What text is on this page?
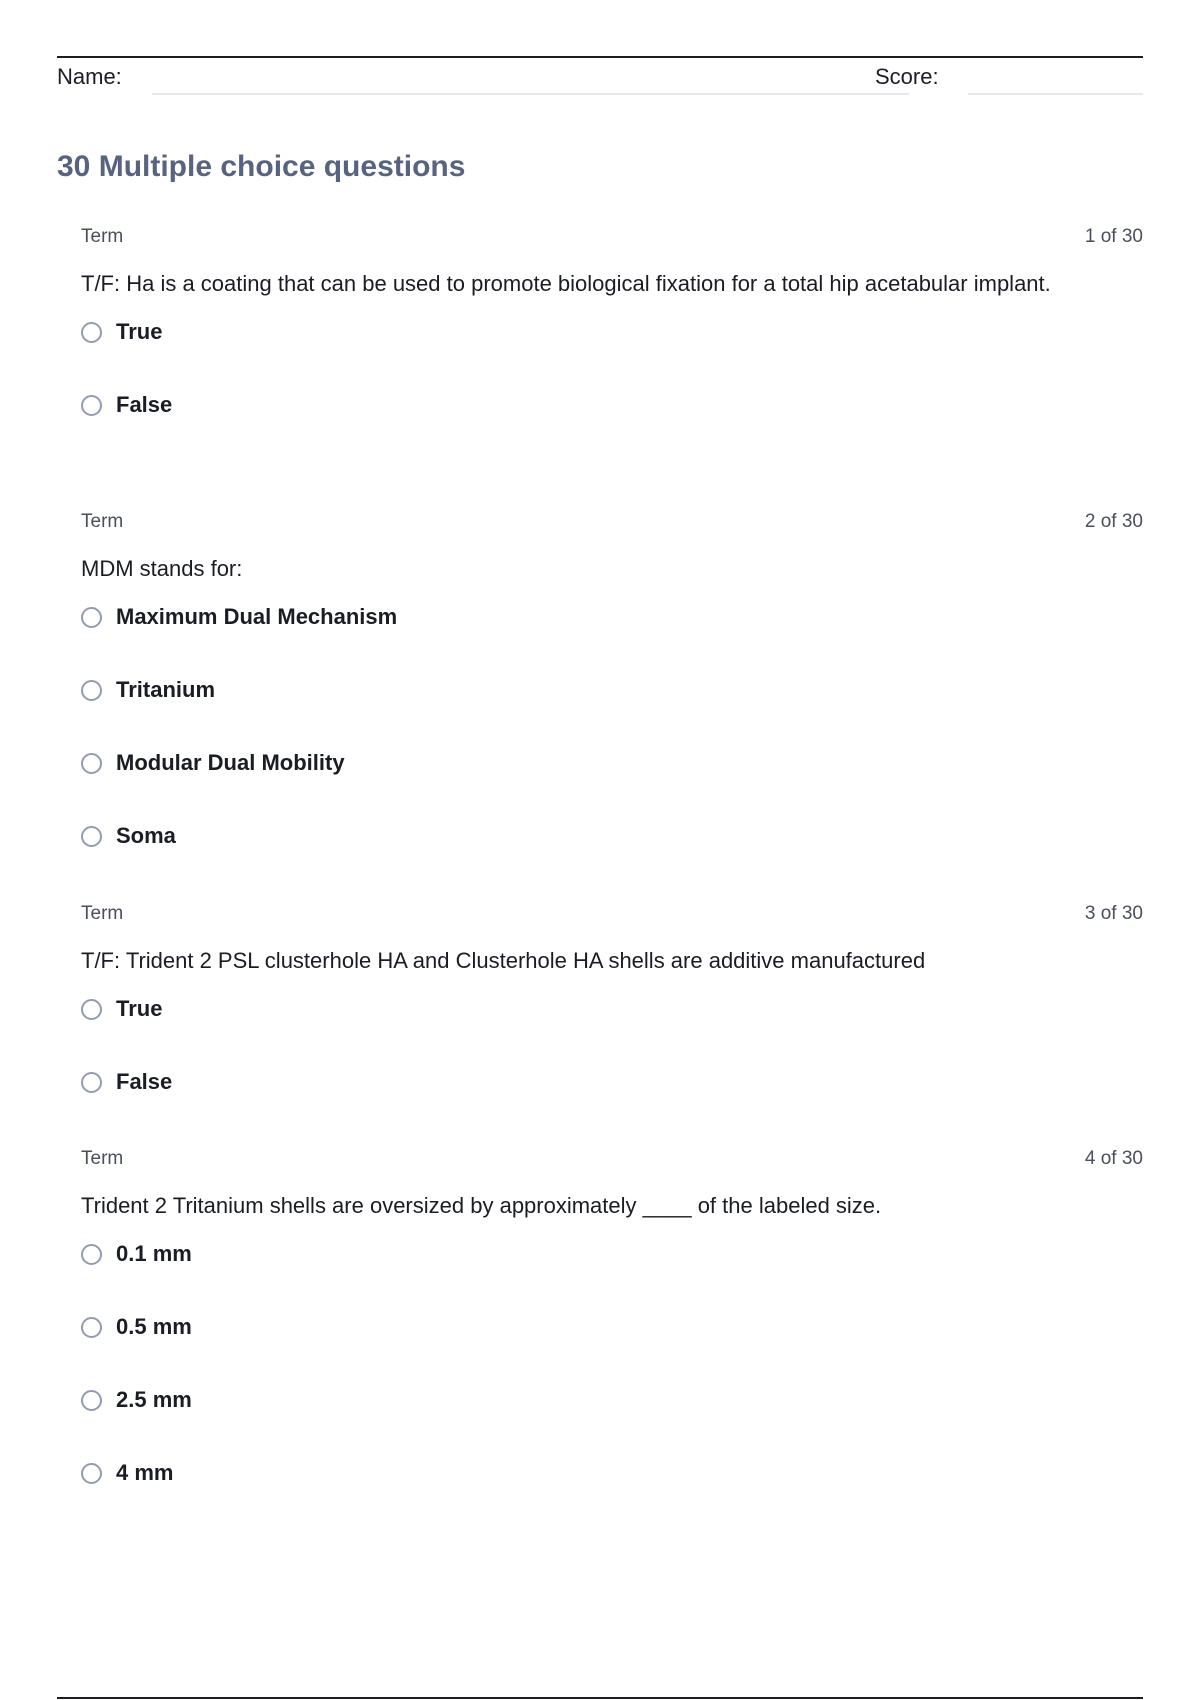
Name:	Score:
30 Multiple choice questions
Term	1 of 30
T/F: Ha is a coating that can be used to promote biological fixation for a total hip acetabular implant.
True
False
Term	2 of 30
MDM stands for:
Maximum Dual Mechanism
Tritanium
Modular Dual Mobility
Soma
Term	3 of 30
T/F: Trident 2 PSL clusterhole HA and Clusterhole HA shells are additive manufactured
True
False
Term	4 of 30
Trident 2 Tritanium shells are oversized by approximately ____ of the labeled size.
0.1 mm
0.5 mm
2.5 mm
4 mm
